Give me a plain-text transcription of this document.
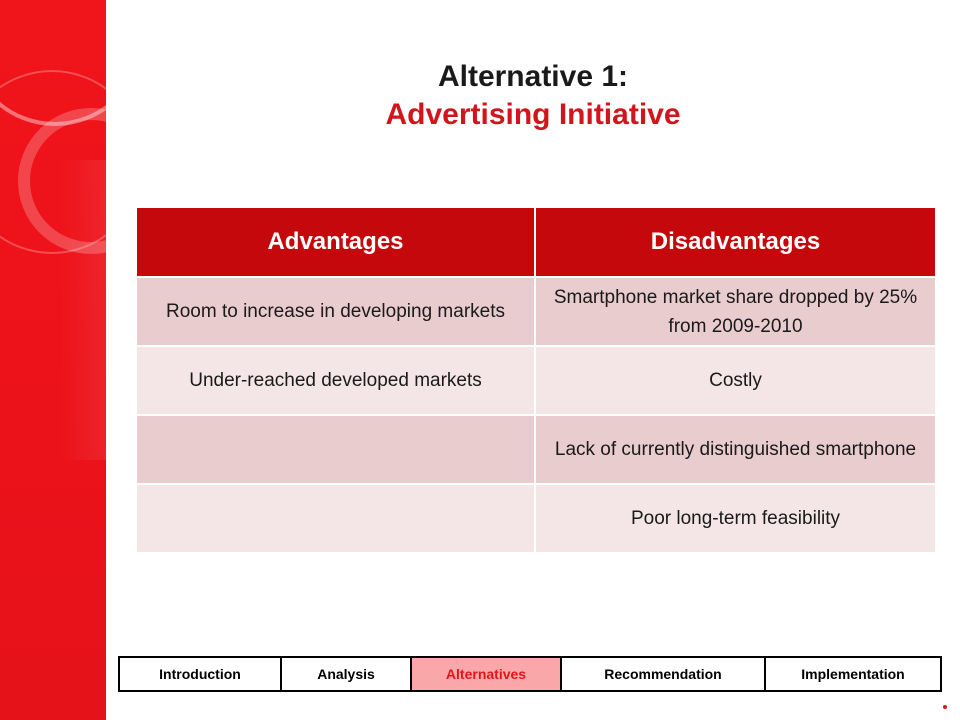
Alternative 1:
Advertising Initiative
Advantages	Disadvantages
Room to increase in developing markets	Smartphone market share dropped by 25% from 2009-2010
Under-reached developed markets	Costly
	Lack of currently distinguished smartphone
	Poor long-term feasibility
Introduction	Analysis	Alternatives	Recommendation	Implementation
